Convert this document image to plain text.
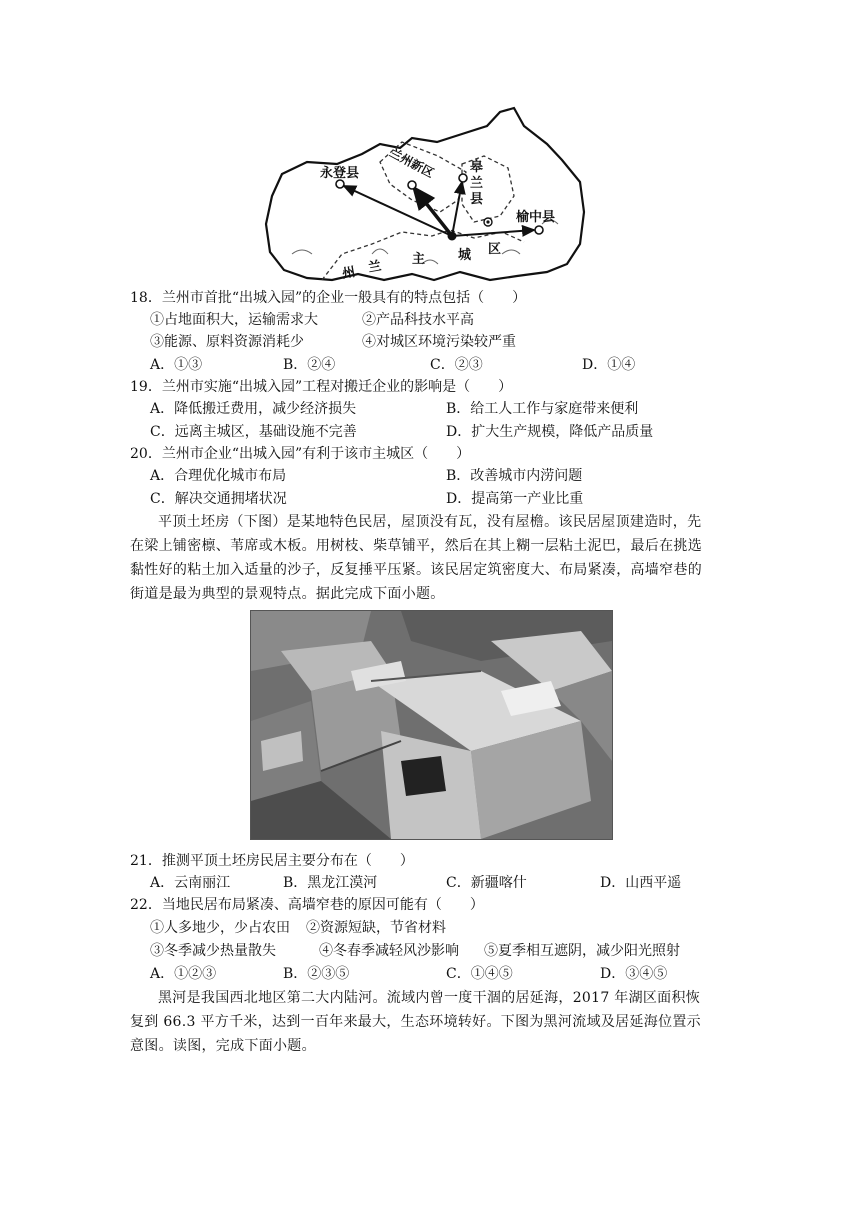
永登县 兰州新区	皋
兰
县
榆中县
城 区
主
兰
州
18．兰州市首批“出城入园”的企业一般具有的特点包括（　　）
①占地面积大，运输需求大	②产品科技水平高
③能源、原料资源消耗少	④对城区环境污染较严重
A．①③	B．②④	C．②③	D．①④
19．兰州市实施“出城入园”工程对搬迁企业的影响是（　　）
A．降低搬迁费用，减少经济损失	B．给工人工作与家庭带来便利
C．远离主城区，基础设施不完善	D．扩大生产规模，降低产品质量
20．兰州市企业“出城入园”有利于该市主城区（　　）
A．合理优化城市布局	B．改善城市内涝问题
C．解决交通拥堵状况	D．提高第一产业比重
平顶土坯房（下图）是某地特色民居，屋顶没有瓦，没有屋檐。该民居屋顶建造时，先
在梁上铺密檩、苇席或木板。用树枝、柴草铺平，然后在其上糊一层粘土泥巴，最后在挑选
黏性好的粘土加入适量的沙子，反复捶平压紧。该民居定筑密度大、布局紧凑，高墙窄巷的
街道是最为典型的景观特点。据此完成下面小题。
21．推测平顶土坯房民居主要分布在（　　）
A．云南丽江	B．黑龙江漠河	C．新疆喀什	D．山西平遥
22．当地民居布局紧凑、高墙窄巷的原因可能有（　　）
①人多地少，少占农田 ②资源短缺，节省材料
③冬季减少热量散失	④冬春季减轻风沙影响 ⑤夏季相互遮阴，减少阳光照射
A．①②③	B．②③⑤	C．①④⑤	D．③④⑤
黑河是我国西北地区第二大内陆河。流域内曾一度干涸的居延海，2017 年湖区面积恢
复到 66.3 平方千米，达到一百年来最大，生态环境转好。下图为黑河流域及居延海位置示
意图。读图，完成下面小题。
